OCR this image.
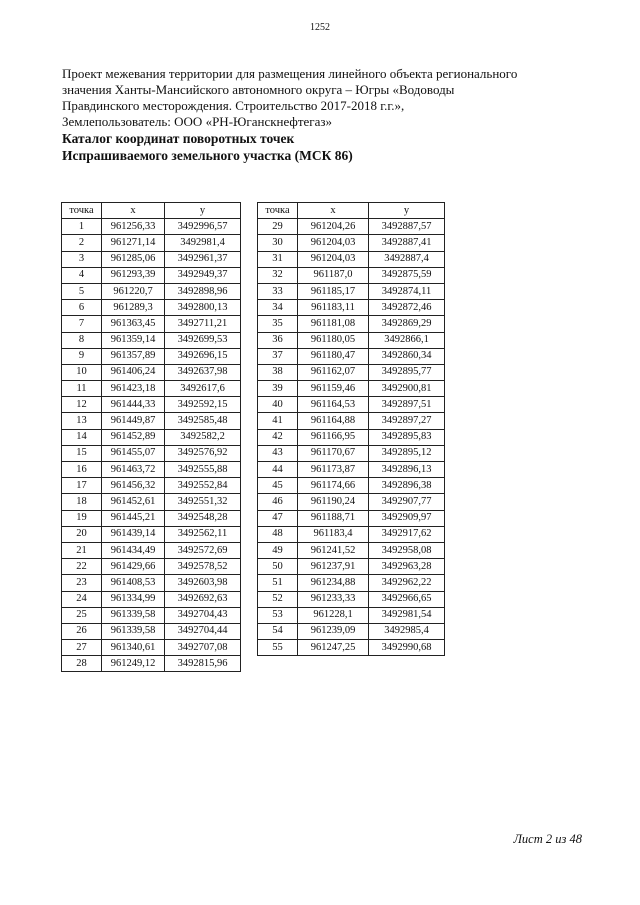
1252

Проект межевания территории для размещения линейного объекта регионального

значения Ханты-Мансийского автономного округа – Югры «Водоводы

Правдинского месторождения. Строительство 2017-2018 г.г.»,

Землепользователь: ООО «РН-Юганскнефтегаз»

Каталог координат поворотных точек

Испрашиваемого земельного участка (МСК 86)

точка	x	y
1	961256,33	3492996,57
2	961271,14	3492981,4
3	961285,06	3492961,37
4	961293,39	3492949,37
5	961220,7	3492898,96
6	961289,3	3492800,13
7	961363,45	3492711,21
8	961359,14	3492699,53
9	961357,89	3492696,15
10	961406,24	3492637,98
11	961423,18	3492617,6
12	961444,33	3492592,15
13	961449,87	3492585,48
14	961452,89	3492582,2
15	961455,07	3492576,92
16	961463,72	3492555,88
17	961456,32	3492552,84
18	961452,61	3492551,32
19	961445,21	3492548,28
20	961439,14	3492562,11
21	961434,49	3492572,69
22	961429,66	3492578,52
23	961408,53	3492603,98
24	961334,99	3492692,63
25	961339,58	3492704,43
26	961339,58	3492704,44
27	961340,61	3492707,08
28	961249,12	3492815,96
точка	x	y
29	961204,26	3492887,57
30	961204,03	3492887,41
31	961204,03	3492887,4
32	961187,0	3492875,59
33	961185,17	3492874,11
34	961183,11	3492872,46
35	961181,08	3492869,29
36	961180,05	3492866,1
37	961180,47	3492860,34
38	961162,07	3492895,77
39	961159,46	3492900,81
40	961164,53	3492897,51
41	961164,88	3492897,27
42	961166,95	3492895,83
43	961170,67	3492895,12
44	961173,87	3492896,13
45	961174,66	3492896,38
46	961190,24	3492907,77
47	961188,71	3492909,97
48	961183,4	3492917,62
49	961241,52	3492958,08
50	961237,91	3492963,28
51	961234,88	3492962,22
52	961233,33	3492966,65
53	961228,1	3492981,54
54	961239,09	3492985,4
55	961247,25	3492990,68
Лист 2 из 48
